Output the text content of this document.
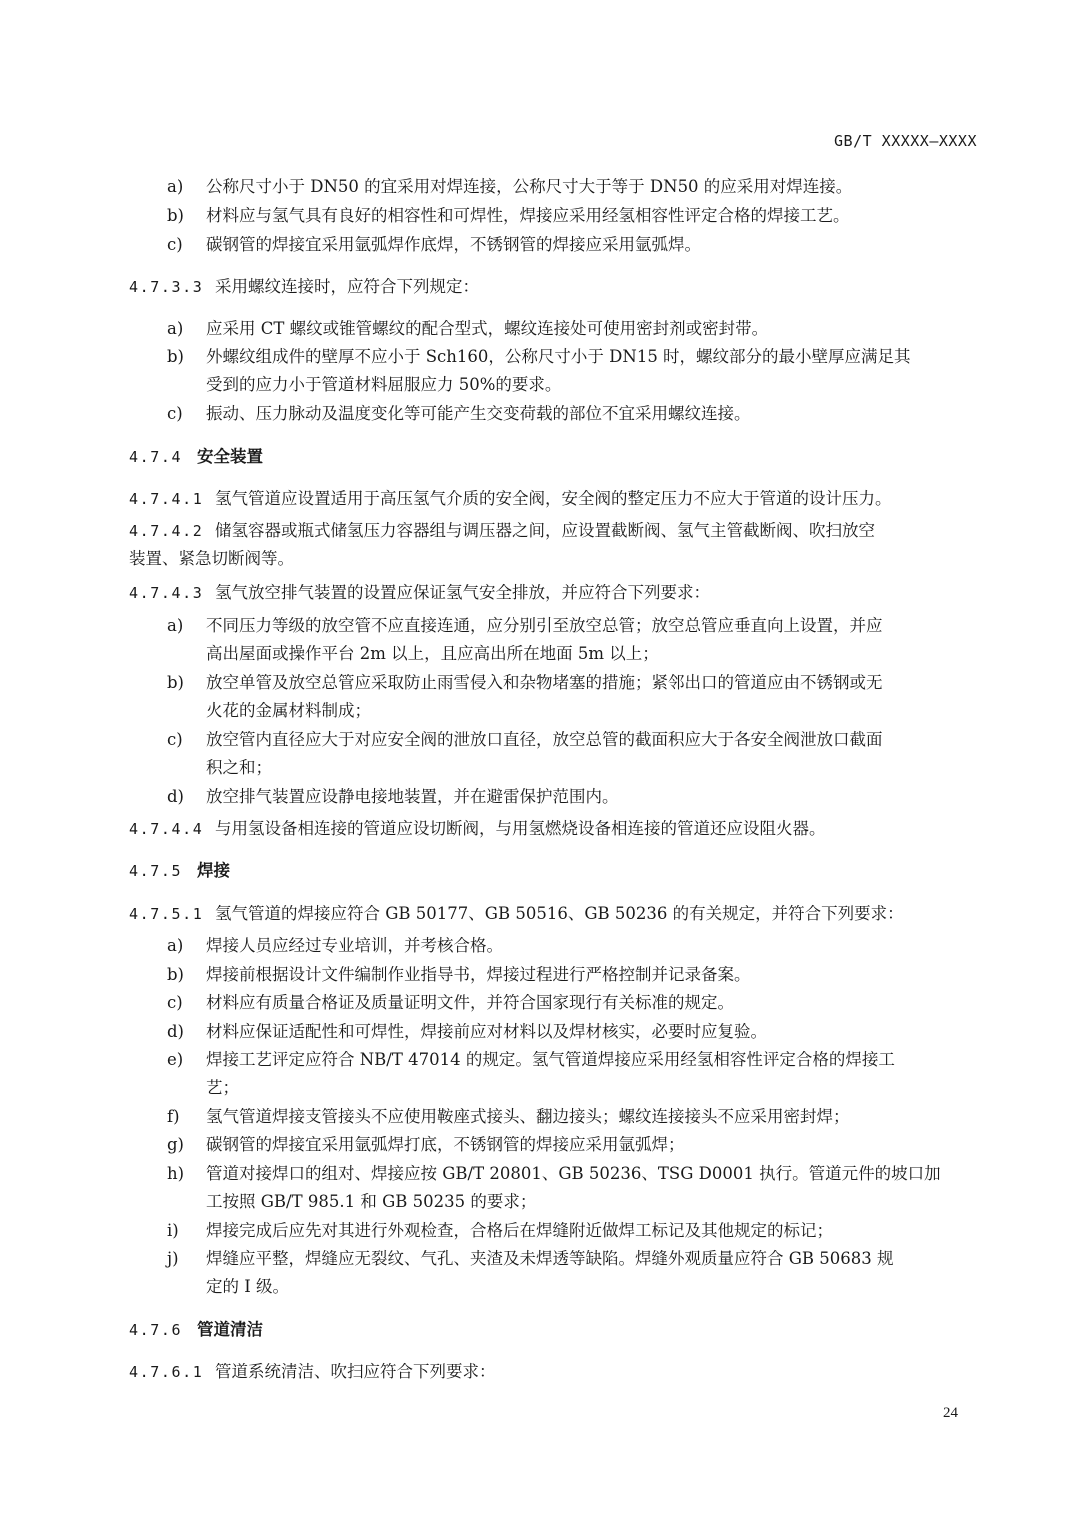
GB/T XXXXX—XXXX
a)	公称尺寸小于 DN50 的宜采用对焊连接，公称尺寸大于等于 DN50 的应采用对焊连接。
b)	材料应与氢气具有良好的相容性和可焊性，焊接应采用经氢相容性评定合格的焊接工艺。
c)	碳钢管的焊接宜采用氩弧焊作底焊，不锈钢管的焊接应采用氩弧焊。
4.7.3.3 采用螺纹连接时，应符合下列规定：
a)	应采用 CT 螺纹或锥管螺纹的配合型式，螺纹连接处可使用密封剂或密封带。
b)	外螺纹组成件的壁厚不应小于 Sch160，公称尺寸小于 DN15 时，螺纹部分的最小壁厚应满足其
受到的应力小于管道材料屈服应力 50%的要求。
c)	振动、压力脉动及温度变化等可能产生交变荷载的部位不宜采用螺纹连接。
4.7.4 安全装置
4.7.4.1 氢气管道应设置适用于高压氢气介质的安全阀，安全阀的整定压力不应大于管道的设计压力。
4.7.4.2 储氢容器或瓶式储氢压力容器组与调压器之间，应设置截断阀、氢气主管截断阀、吹扫放空
装置、紧急切断阀等。
4.7.4.3 氢气放空排气装置的设置应保证氢气安全排放，并应符合下列要求：
a)	不同压力等级的放空管不应直接连通，应分别引至放空总管；放空总管应垂直向上设置，并应
高出屋面或操作平台 2m 以上，且应高出所在地面 5m 以上；
b)	放空单管及放空总管应采取防止雨雪侵入和杂物堵塞的措施；紧邻出口的管道应由不锈钢或无
火花的金属材料制成；
c)	放空管内直径应大于对应安全阀的泄放口直径，放空总管的截面积应大于各安全阀泄放口截面
积之和；
d)	放空排气装置应设静电接地装置，并在避雷保护范围内。
4.7.4.4 与用氢设备相连接的管道应设切断阀，与用氢燃烧设备相连接的管道还应设阻火器。
4.7.5 焊接
4.7.5.1 氢气管道的焊接应符合 GB 50177、GB 50516、GB 50236 的有关规定，并符合下列要求：
a)	焊接人员应经过专业培训，并考核合格。
b)	焊接前根据设计文件编制作业指导书，焊接过程进行严格控制并记录备案。
c)	材料应有质量合格证及质量证明文件，并符合国家现行有关标准的规定。
d)	材料应保证适配性和可焊性，焊接前应对材料以及焊材核实，必要时应复验。
e)	焊接工艺评定应符合 NB/T 47014 的规定。氢气管道焊接应采用经氢相容性评定合格的焊接工
艺；
f)	氢气管道焊接支管接头不应使用鞍座式接头、翻边接头；螺纹连接接头不应采用密封焊；
g)	碳钢管的焊接宜采用氩弧焊打底，不锈钢管的焊接应采用氩弧焊；
h)	管道对接焊口的组对、焊接应按 GB/T 20801、GB 50236、TSG D0001 执行。管道元件的坡口加
工按照 GB/T 985.1 和 GB 50235 的要求；
i)	焊接完成后应先对其进行外观检查，合格后在焊缝附近做焊工标记及其他规定的标记；
j)	焊缝应平整，焊缝应无裂纹、气孔、夹渣及未焊透等缺陷。焊缝外观质量应符合 GB 50683 规
定的 I 级。
4.7.6 管道清洁
4.7.6.1 管道系统清洁、吹扫应符合下列要求：
24
